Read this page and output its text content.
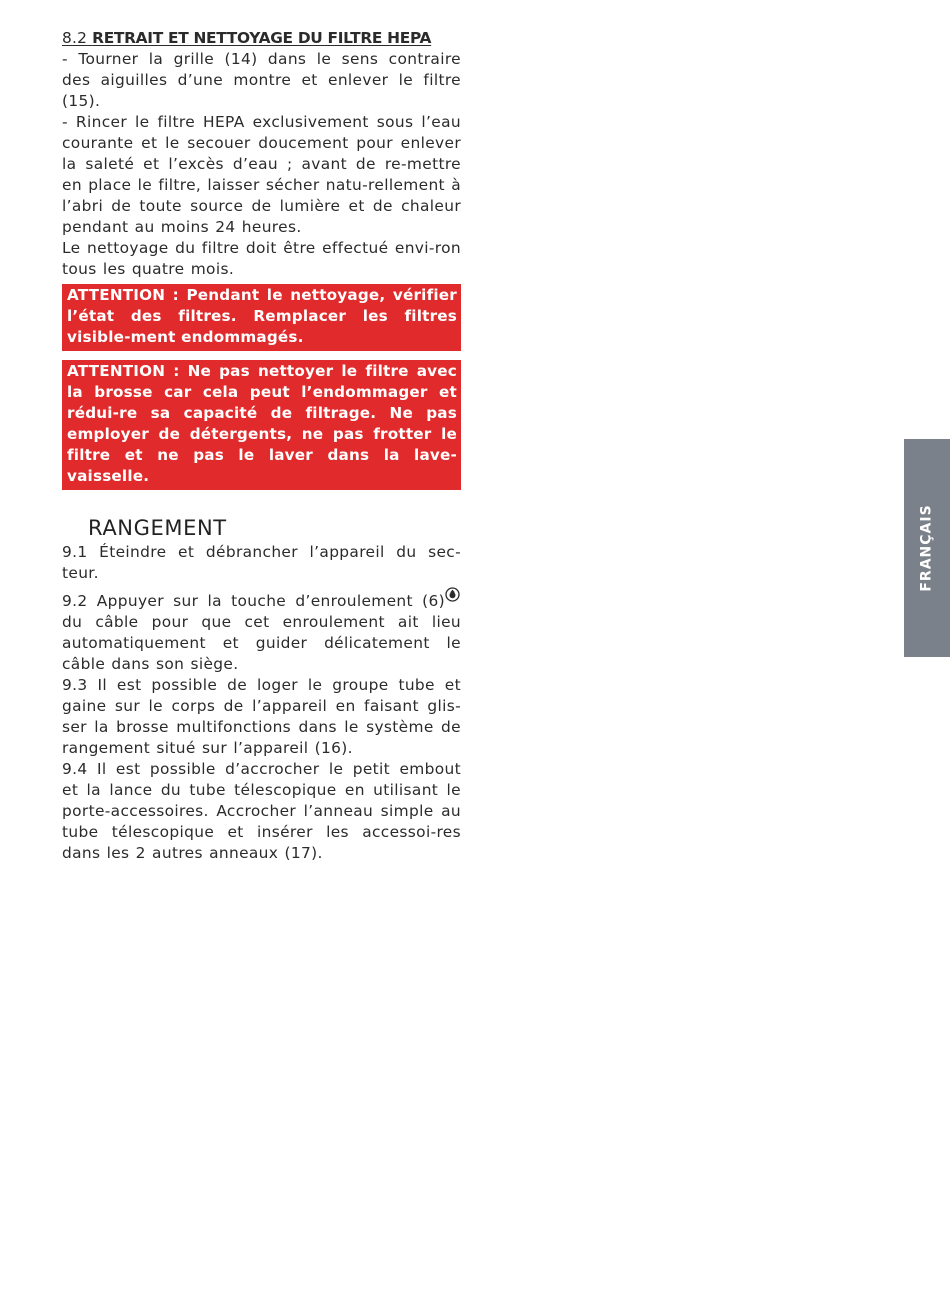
8.2 RETRAIT ET NETTOYAGE DU FILTRE HEPA

- Tourner la grille (14) dans le sens contraire des aiguilles d’une montre et enlever le filtre (15).

- Rincer le filtre HEPA exclusivement sous l’eau courante et le secouer doucement pour enlever la saleté et l’excès d’eau ; avant de re-mettre en place le filtre, laisser sécher natu-rellement à l’abri de toute source de lumière et de chaleur pendant au moins 24 heures.

Le nettoyage du filtre doit être effectué envi-ron tous les quatre mois.

ATTENTION : Pendant le nettoyage, vérifier l’état des filtres. Remplacer les filtres visible-ment endommagés.
ATTENTION : Ne pas nettoyer le filtre avec la brosse car cela peut l’endommager et rédui-re sa capacité de filtrage. Ne pas employer de détergents, ne pas frotter le filtre et ne pas le laver dans la lave-vaisselle.
RANGEMENT

9.1 Éteindre et débrancher l’appareil du sec-teur.

9.2 Appuyer sur la touche d’enroulement (6) du câble pour que cet enroulement ait lieu automatiquement et guider délicatement le câble dans son siège.

9.3 Il est possible de loger le groupe tube et gaine sur le corps de l’appareil en faisant glis-ser la brosse multifonctions dans le système de rangement situé sur l’appareil (16).

9.4 Il est possible d’accrocher le petit embout et la lance du tube télescopique en utilisant le porte-accessoires. Accrocher l’anneau simple au tube télescopique et insérer les accessoi-res dans les 2 autres anneaux (17).

FRANÇAIS
